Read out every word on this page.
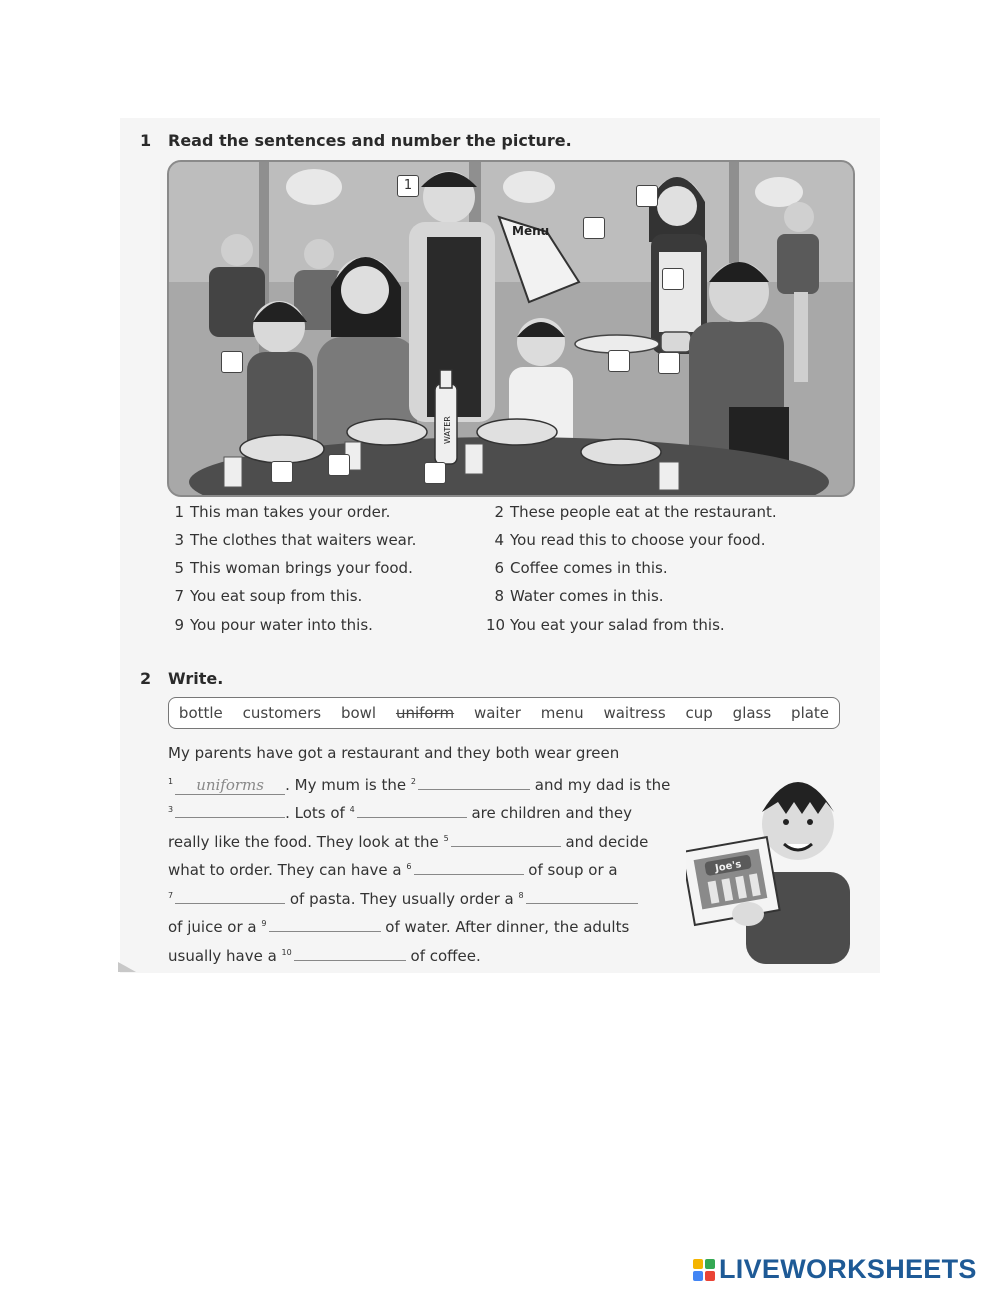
1 Read the sentences and number the picture.
Menu
WATER
1
1 This man takes your order.	2 These people eat at the restaurant.
3 The clothes that waiters wear.	4 You read this to choose your food.
5 This woman brings your food.	6 Coffee comes in this.
7 You eat soup from this.	8 Water comes in this.
9 You pour water into this.	10 You eat your salad from this.
2 Write.
bottle customers bowl uniform waiter menu waitress cup glass plate
My parents have got a restaurant and they both wear green
$^1$ uniforms . My mum is the $^2$	and my dad is the
$^3$	. Lots of $^4$	are children and they
really like the food. They look at the $^5$	and decide
what to order. They can have a $^6$	of soup or a
$^7$	of pasta. They usually order a $^8$
of juice or a $^9$	of water. After dinner, the adults
usually have a $^{10}$	of coffee.
Joe's
LIVEWORKSHEETS
